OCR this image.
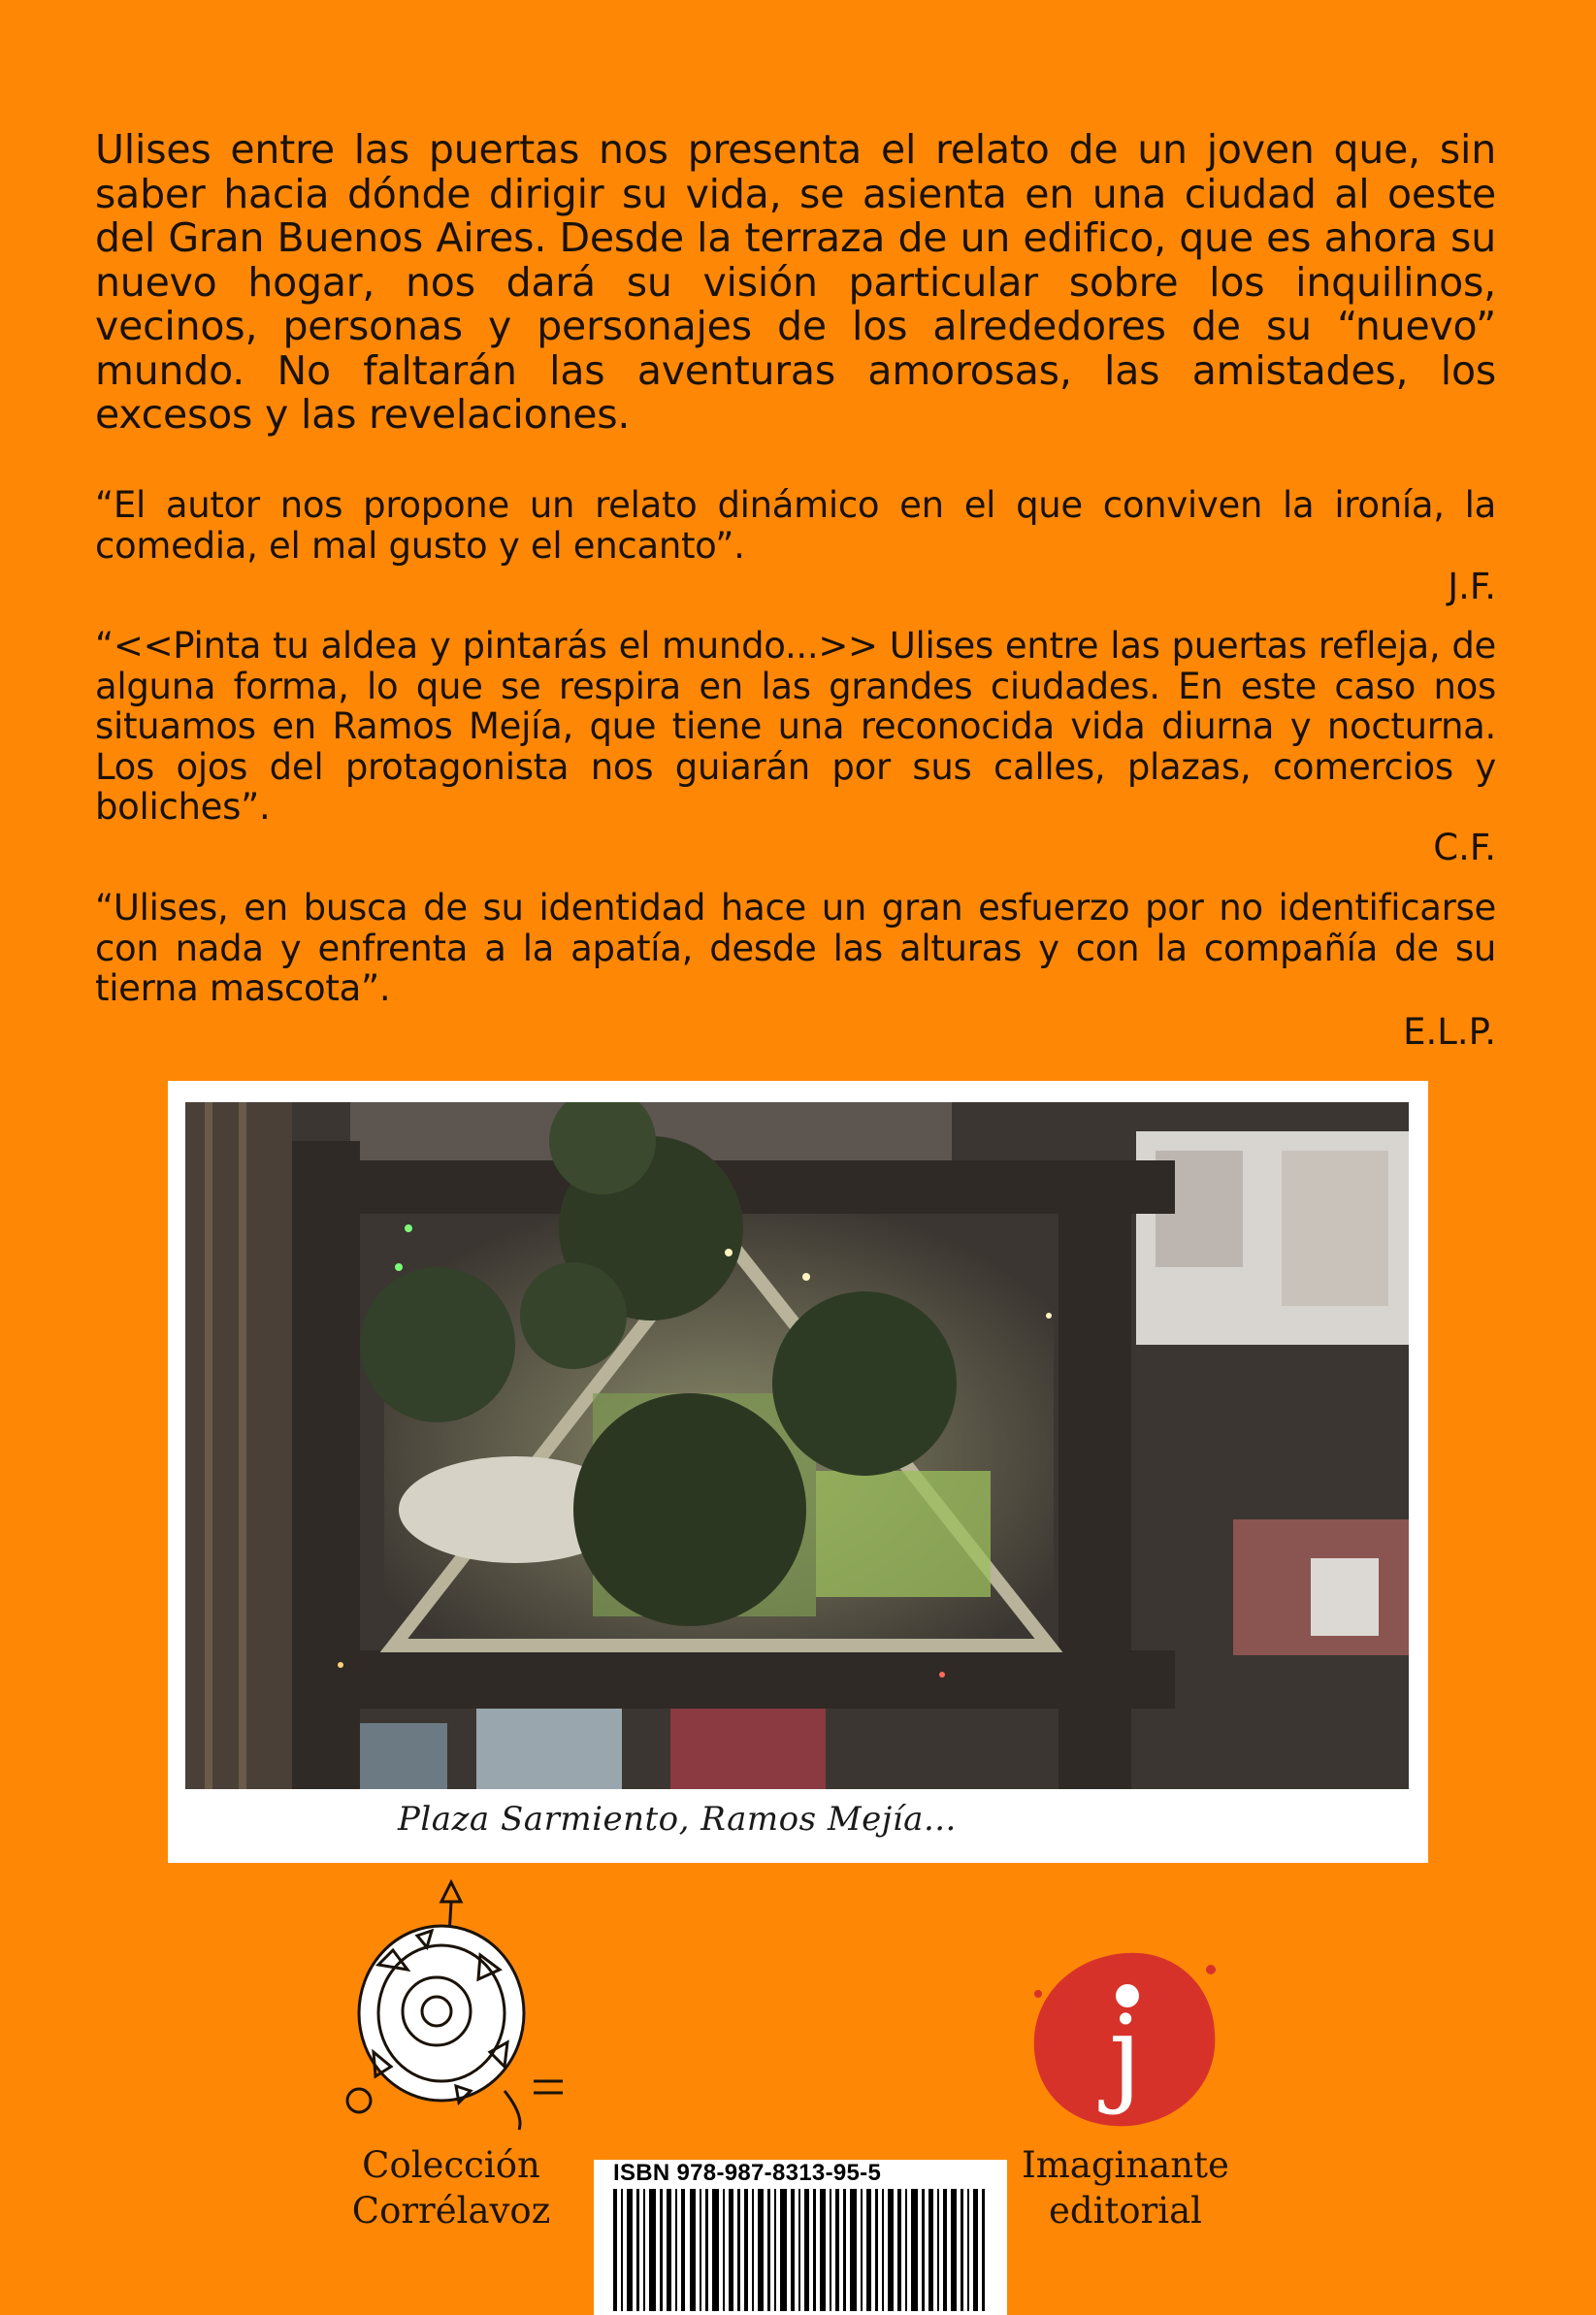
Ulises entre las puertas nos presenta el relato de un joven que, sin saber hacia dónde dirigir su vida, se asienta en una ciudad al oeste del Gran Buenos Aires. Desde la terraza de un edifico, que es ahora su nuevo hogar, nos dará su visión particular sobre los inquilinos, vecinos, personas y personajes de los alrededores de su “nuevo” mundo. No faltarán las aventuras amorosas, las amistades, los excesos y las revelaciones.

“El autor nos propone un relato dinámico en el que conviven la ironía, la comedia, el mal gusto y el encanto”.

J.F.

“<<Pinta tu aldea y pintarás el mundo...>> Ulises entre las puertas refleja, de alguna forma, lo que se respira en las grandes ciudades. En este caso nos situamos en Ramos Mejía, que tiene una reconocida vida diurna y nocturna. Los ojos del protagonista nos guiarán por sus calles, plazas, comercios y boliches”.

C.F.

“Ulises, en busca de su identidad hace un gran esfuerzo por no identificarse con nada y enfrenta a la apatía, desde las alturas y con la compañía de su tierna mascota”.

E.L.P.

Plaza Sarmiento, Ramos Mejía...
Colección
Corrélavoz
j
Imaginante
editorial
ISBN 978-987-8313-95-5
